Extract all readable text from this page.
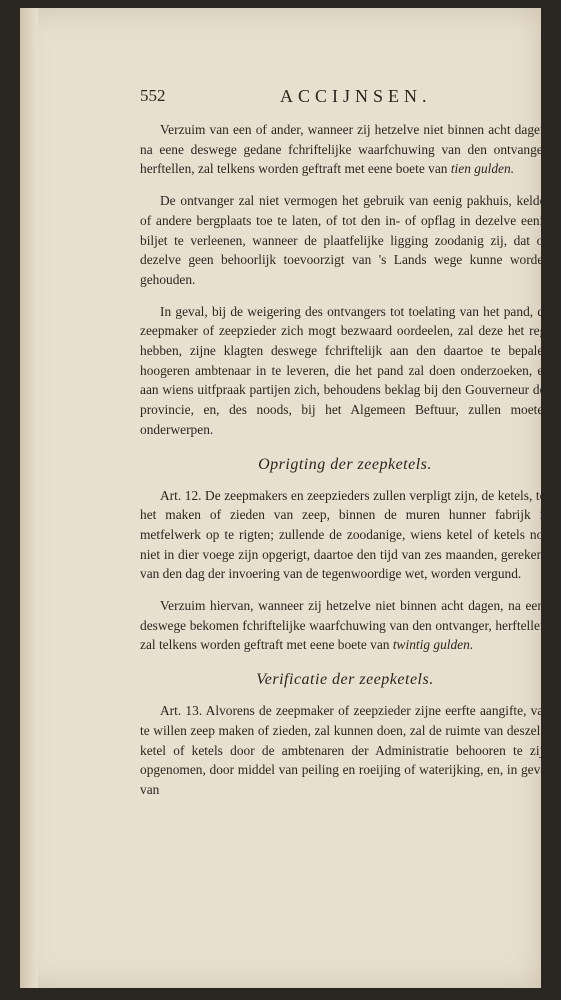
552	ACCIJNSEN.

Verzuim van een of ander, wanneer zij hetzelve niet binnen acht dagen, na eene deswege gedane fchriftelijke waarfchuwing van den ontvanger, herftellen, zal telkens worden geftraft met eene boete van tien gulden.

De ontvanger zal niet vermogen het gebruik van eenig pakhuis, kelder of andere bergplaats toe te laten, of tot den in- of opflag in dezelve eenig biljet te verleenen, wanneer de plaatfelijke ligging zoodanig zij, dat op dezelve geen behoorlijk toevoorzigt van 's Lands wege kunne worden gehouden.

In geval, bij de weigering des ontvangers tot toelating van het pand, de zeepmaker of zeepzieder zich mogt bezwaard oordeelen, zal deze het regt hebben, zijne klagten deswege fchriftelijk aan den daartoe te bepalen hoogeren ambtenaar in te leveren, die het pand zal doen onderzoeken, en aan wiens uitfpraak partijen zich, behoudens beklag bij den Gouverneur der provincie, en, des noods, bij het Algemeen Beftuur, zullen moeten onderwerpen.

Oprigting der zeepketels.

Art. 12. De zeepmakers en zeepzieders zullen verpligt zijn, de ketels, tot het maken of zieden van zeep, binnen de muren hunner fabrijk in metfelwerk op te rigten; zullende de zoodanige, wiens ketel of ketels nog niet in dier voege zijn opgerigt, daartoe den tijd van zes maanden, gerekend van den dag der invoering van de tegenwoordige wet, worden vergund.

Verzuim hiervan, wanneer zij hetzelve niet binnen acht dagen, na eene deswege bekomen fchriftelijke waarfchuwing van den ontvanger, herftellen, zal telkens worden geftraft met eene boete van twintig gulden.

Verificatie der zeepketels.

Art. 13. Alvorens de zeepmaker of zeepzieder zijne eerfte aangifte, van te willen zeep maken of zieden, zal kunnen doen, zal de ruimte van deszelfs ketel of ketels door de ambtenaren der Administratie behooren te zijn opgenomen, door middel van peiling en roeijing of waterijking, en, in geval van
